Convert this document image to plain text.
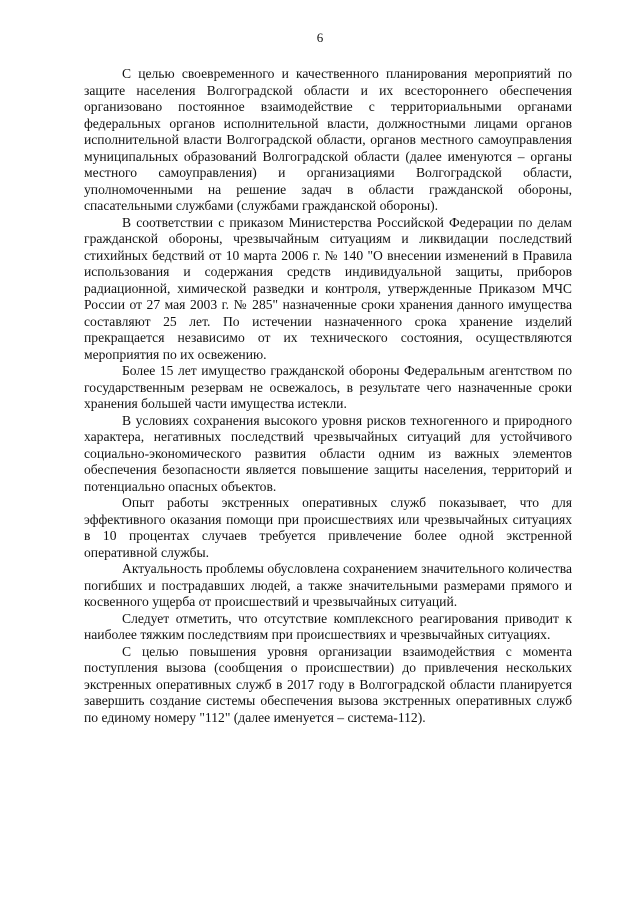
6

С целью своевременного и качественного планирования мероприятий по защите населения Волгоградской области и их всестороннего обеспечения организовано постоянное взаимодействие с территориальными органами федеральных органов исполнительной власти, должностными лицами органов исполнительной власти Волгоградской области, органов местного самоуправления муниципальных образований Волгоградской области (далее именуются – органы местного самоуправления) и организациями Волгоградской области, уполномоченными на решение задач в области гражданской обороны, спасательными службами (службами гражданской обороны).

В соответствии с приказом Министерства Российской Федерации по делам гражданской обороны, чрезвычайным ситуациям и ликвидации последствий стихийных бедствий от 10 марта 2006 г. № 140 "О внесении изменений в Правила использования и содержания средств индивидуальной защиты, приборов радиационной, химической разведки и контроля, утвержденные Приказом МЧС России от 27 мая 2003 г. № 285" назначенные сроки хранения данного имущества составляют 25 лет. По истечении назначенного срока хранение изделий прекращается независимо от их технического состояния, осуществляются мероприятия по их освежению.

Более 15 лет имущество гражданской обороны Федеральным агентством по государственным резервам не освежалось, в результате чего назначенные сроки хранения большей части имущества истекли.

В условиях сохранения высокого уровня рисков техногенного и природного характера, негативных последствий чрезвычайных ситуаций для устойчивого социально-экономического развития области одним из важных элементов обеспечения безопасности является повышение защиты населения, территорий и потенциально опасных объектов.

Опыт работы экстренных оперативных служб показывает, что для эффективного оказания помощи при происшествиях или чрезвычайных ситуациях в 10 процентах случаев требуется привлечение более одной экстренной оперативной службы.

Актуальность проблемы обусловлена сохранением значительного количества погибших и пострадавших людей, а также значительными размерами прямого и косвенного ущерба от происшествий и чрезвычайных ситуаций.

Следует отметить, что отсутствие комплексного реагирования приводит к наиболее тяжким последствиям при происшествиях и чрезвычайных ситуациях.

С целью повышения уровня организации взаимодействия с момента поступления вызова (сообщения о происшествии) до привлечения нескольких экстренных оперативных служб в 2017 году в Волгоградской области планируется завершить создание системы обеспечения вызова экстренных оперативных служб по единому номеру "112" (далее именуется – система-112).
